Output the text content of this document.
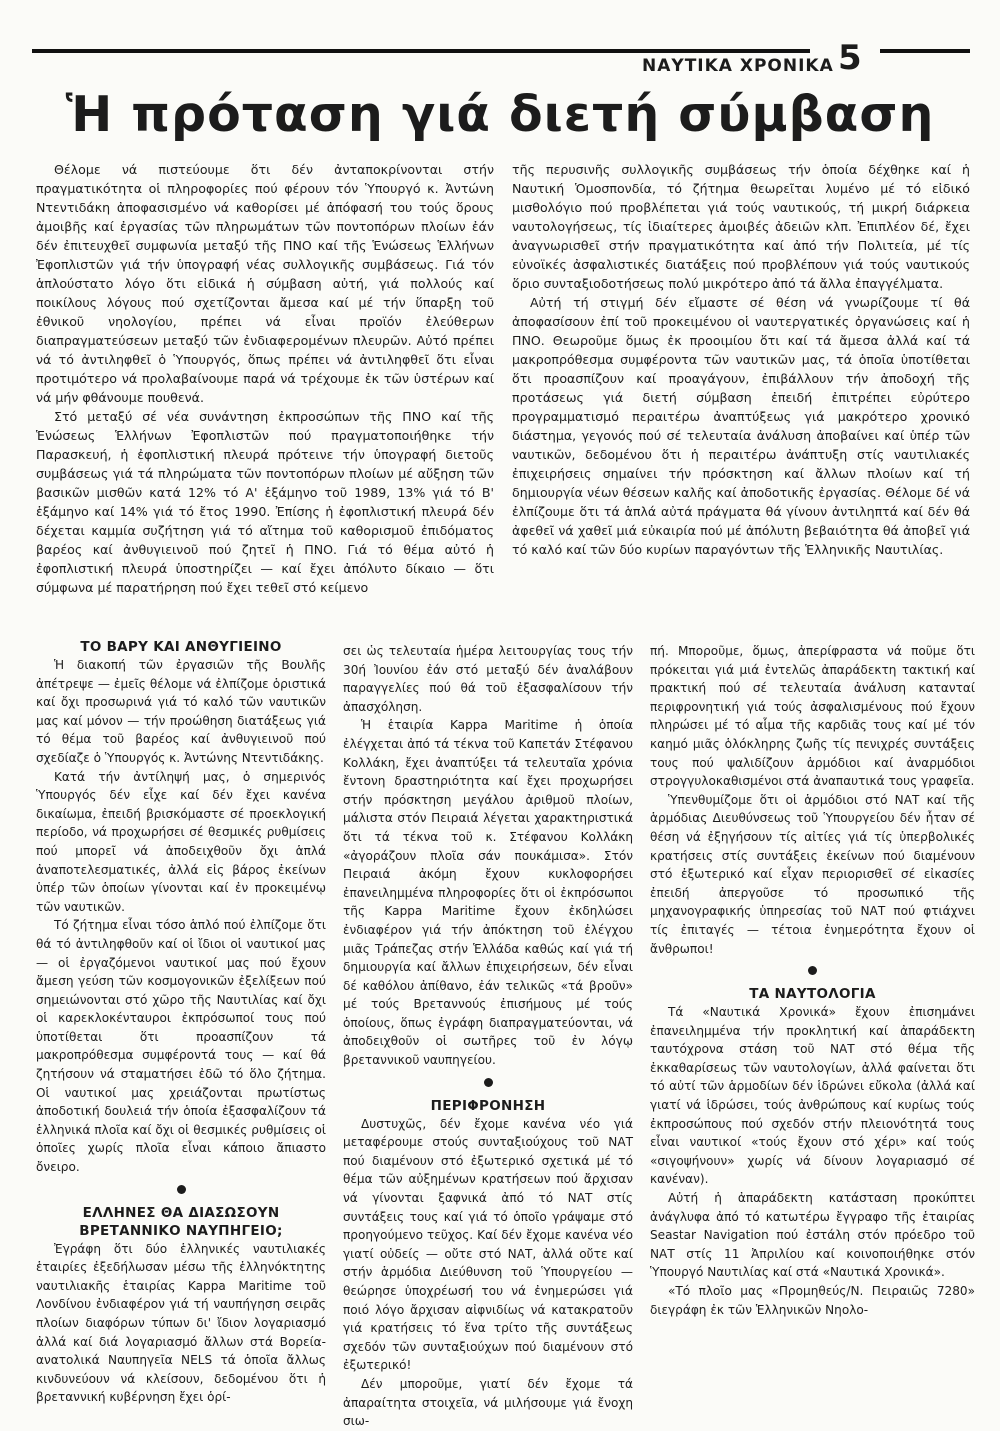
ΝΑΥΤΙΚΑ ΧΡΟΝΙΚΑ 5
Ἡ πρόταση γιά διετή σύμβαση

Θέλομε νά πιστεύουμε ὅτι δέν ἀνταποκρίνονται στήν πραγματικότητα οἱ πληροφορίες πού φέρουν τόν Ὑπουργό κ. Ἀντώνη Ντεντιδάκη ἀποφασισμένο νά καθορίσει μέ ἀπόφασή του τούς ὅρους ἀμοιβῆς καί ἐργασίας τῶν πληρωμάτων τῶν ποντοπόρων πλοίων ἐάν δέν ἐπιτευχθεῖ συμφωνία μεταξύ τῆς ΠΝΟ καί τῆς Ἑνώσεως Ἑλλήνων Ἐφοπλιστῶν γιά τήν ὑπογραφή νέας συλλογικῆς συμβάσεως. Γιά τόν ἁπλούστατο λόγο ὅτι εἰδικά ἡ σύμβαση αὐτή, γιά πολλούς καί ποικίλους λόγους πού σχετίζονται ἄμεσα καί μέ τήν ὕπαρξη τοῦ ἐθνικοῦ νηολογίου, πρέπει νά εἶναι προϊόν ἐλεύθερων διαπραγματεύσεων μεταξύ τῶν ἐνδιαφερομένων πλευρῶν. Αὐτό πρέπει νά τό ἀντιληφθεῖ ὁ Ὑπουργός, ὅπως πρέπει νά ἀντιληφθεῖ ὅτι εἶναι προτιμότερο νά προλαβαίνουμε παρά νά τρέχουμε ἐκ τῶν ὑστέρων καί νά μήν φθάνουμε πουθενά.

Στό μεταξύ σέ νέα συνάντηση ἐκπροσώπων τῆς ΠΝΟ καί τῆς Ἑνώσεως Ἑλλήνων Ἐφοπλιστῶν πού πραγματοποιήθηκε τήν Παρασκευή, ἡ ἐφοπλιστική πλευρά πρότεινε τήν ὑπογραφή διετοῦς συμβάσεως γιά τά πληρώματα τῶν ποντοπόρων πλοίων μέ αὔξηση τῶν βασικῶν μισθῶν κατά 12% τό Α' ἑξάμηνο τοῦ 1989, 13% γιά τό Β' ἑξάμηνο καί 14% γιά τό ἔτος 1990. Ἐπίσης ἡ ἐφοπλιστική πλευρά δέν δέχεται καμμία συζήτηση γιά τό αἴτημα τοῦ καθορισμοῦ ἐπιδόματος βαρέος καί ἀνθυγιεινοῦ πού ζητεῖ ἡ ΠΝΟ. Γιά τό θέμα αὐτό ἡ ἐφοπλιστική πλευρά ὑποστηρίζει — καί ἔχει ἀπόλυτο δίκαιο — ὅτι σύμφωνα μέ παρατήρηση πού ἔχει τεθεῖ στό κείμενο

τῆς περυσινῆς συλλογικῆς συμβάσεως τήν ὁποία δέχθηκε καί ἡ Ναυτική Ὁμοσπονδία, τό ζήτημα θεωρεῖται λυμένο μέ τό εἰδικό μισθολόγιο πού προβλέπεται γιά τούς ναυτικούς, τή μικρή διάρκεια ναυτολογήσεως, τίς ἰδιαίτερες ἀμοιβές ἀδειῶν κλπ. Ἐπιπλέον δέ, ἔχει ἀναγνωρισθεῖ στήν πραγματικότητα καί ἀπό τήν Πολιτεία, μέ τίς εὐνοϊκές ἀσφαλιστικές διατάξεις πού προβλέπουν γιά τούς ναυτικούς ὅριο συνταξιοδοτήσεως πολύ μικρότερο ἀπό τά ἄλλα ἐπαγγέλματα.

Αὐτή τή στιγμή δέν εἴμαστε σέ θέση νά γνωρίζουμε τί θά ἀποφασίσουν ἐπί τοῦ προκειμένου οἱ ναυτεργατικές ὀργανώσεις καί ἡ ΠΝΟ. Θεωροῦμε ὅμως ἐκ προοιμίου ὅτι καί τά ἄμεσα ἀλλά καί τά μακροπρόθεσμα συμφέροντα τῶν ναυτικῶν μας, τά ὁποῖα ὑποτίθεται ὅτι προασπίζουν καί προαγάγουν, ἐπιβάλλουν τήν ἀποδοχή τῆς προτάσεως γιά διετή σύμβαση ἐπειδή ἐπιτρέπει εὐρύτερο προγραμματισμό περαιτέρω ἀναπτύξεως γιά μακρότερο χρονικό διάστημα, γεγονός πού σέ τελευταία ἀνάλυση ἀποβαίνει καί ὑπέρ τῶν ναυτικῶν, δεδομένου ὅτι ἡ περαιτέρω ἀνάπτυξη στίς ναυτιλιακές ἐπιχειρήσεις σημαίνει τήν πρόσκτηση καί ἄλλων πλοίων καί τή δημιουργία νέων θέσεων καλῆς καί ἀποδοτικῆς ἐργασίας. Θέλομε δέ νά ἐλπίζουμε ὅτι τά ἁπλά αὐτά πράγματα θά γίνουν ἀντιληπτά καί δέν θά ἀφεθεῖ νά χαθεῖ μιά εὐκαιρία πού μέ ἀπόλυτη βεβαιότητα θά ἀποβεῖ γιά τό καλό καί τῶν δύο κυρίων παραγόντων τῆς Ἑλληνικῆς Ναυτιλίας.

ΤΟ ΒΑΡΥ ΚΑΙ ΑΝΘΥΓΙΕΙΝΟ

Ἡ διακοπή τῶν ἐργασιῶν τῆς Βουλῆς ἀπέτρεψε — ἐμεῖς θέλομε νά ἐλπίζομε ὁριστικά καί ὄχι προσωρινά γιά τό καλό τῶν ναυτικῶν μας καί μόνον — τήν προώθηση διατάξεως γιά τό θέμα τοῦ βαρέος καί ἀνθυγιεινοῦ πού σχεδίαζε ὁ Ὑπουργός κ. Ἀντώνης Ντεντιδάκης.

Κατά τήν ἀντίληψή μας, ὁ σημερινός Ὑπουργός δέν εἶχε καί δέν ἔχει κανένα δικαίωμα, ἐπειδή βρισκόμαστε σέ προεκλογική περίοδο, νά προχωρήσει σέ θεσμικές ρυθμίσεις πού μπορεῖ νά ἀποδειχθοῦν ὄχι ἁπλά ἀναποτελεσματικές, ἀλλά εἰς βάρος ἐκείνων ὑπέρ τῶν ὁποίων γίνονται καί ἐν προκειμένῳ τῶν ναυτικῶν.

Τό ζήτημα εἶναι τόσο ἁπλό πού ἐλπίζομε ὅτι θά τό ἀντιληφθοῦν καί οἱ ἴδιοι οἱ ναυτικοί μας — οἱ ἐργαζόμενοι ναυτικοί μας πού ἔχουν ἄμεση γεύση τῶν κοσμογονικῶν ἐξελίξεων πού σημειώνονται στό χῶρο τῆς Ναυτιλίας καί ὄχι οἱ καρεκλοκένταυροι ἐκπρόσωποί τους πού ὑποτίθεται ὅτι προασπίζουν τά μακροπρόθεσμα συμφέροντά τους — καί θά ζητήσουν νά σταματήσει ἐδῶ τό ὅλο ζήτημα. Οἱ ναυτικοί μας χρειάζονται πρωτίστως ἀποδοτική δουλειά τήν ὁποία ἐξασφαλίζουν τά ἑλληνικά πλοῖα καί ὄχι οἱ θεσμικές ρυθμίσεις οἱ ὁποῖες χωρίς πλοῖα εἶναι κάποιο ἄπιαστο ὄνειρο.

ΕΛΛΗΝΕΣ ΘΑ ΔΙΑΣΩΣΟΥΝ ΒΡΕΤΑΝΝΙΚΟ ΝΑΥΠΗΓΕΙΟ;

Ἐγράφη ὅτι δύο ἑλληνικές ναυτιλιακές ἑταιρίες ἐξεδήλωσαν μέσω τῆς ἑλληνόκτητης ναυτιλιακῆς ἑταιρίας Kappa Maritime τοῦ Λονδίνου ἐνδιαφέρον γιά τή ναυπήγηση σειρᾶς πλοίων διαφόρων τύπων δι' ἴδιον λογαριασμό ἀλλά καί διά λογαριασμό ἄλλων στά Βορεία-ανατολικά Ναυπηγεῖα NELS τά ὁποῖα ἄλλως κινδυνεύουν νά κλείσουν, δεδομένου ὅτι ἡ βρεταννική κυβέρνηση ἔχει ὁρί-

σει ὡς τελευταία ἡμέρα λειτουργίας τους τήν 30ή Ἰουνίου ἐάν στό μεταξύ δέν ἀναλάβουν παραγγελίες πού θά τοῦ ἐξασφαλίσουν τήν ἀπασχόληση.

Ἡ ἑταιρία Kappa Maritime ἡ ὁποία ἐλέγχεται ἀπό τά τέκνα τοῦ Καπετάν Στέφανου Κολλάκη, ἔχει ἀναπτύξει τά τελευταῖα χρόνια ἔντονη δραστηριότητα καί ἔχει προχωρήσει στήν πρόσκτηση μεγάλου ἀριθμοῦ πλοίων, μάλιστα στόν Πειραιά λέγεται χαρακτηριστικά ὅτι τά τέκνα τοῦ κ. Στέφανου Κολλάκη «ἀγοράζουν πλοῖα σάν πουκάμισα». Στόν Πειραιά ἀκόμη ἔχουν κυκλοφορήσει ἐπανειλημμένα πληροφορίες ὅτι οἱ ἐκπρόσωποι τῆς Kappa Maritime ἔχουν ἐκδηλώσει ἐνδιαφέρον γιά τήν ἀπόκτηση τοῦ ἐλέγχου μιᾶς Τράπεζας στήν Ἑλλάδα καθώς καί γιά τή δημιουργία καί ἄλλων ἐπιχειρήσεων, δέν εἶναι δέ καθόλου ἀπίθανο, ἐάν τελικῶς «τά βροῦν» μέ τούς Βρεταννούς ἐπισήμους μέ τούς ὁποίους, ὅπως ἐγράφη διαπραγματεύονται, νά ἀποδειχθοῦν οἱ σωτῆρες τοῦ ἐν λόγῳ βρεταννικοῦ ναυπηγείου.

ΠΕΡΙΦΡΟΝΗΣΗ

Δυστυχῶς, δέν ἔχομε κανένα νέο γιά μεταφέρουμε στούς συνταξιούχους τοῦ ΝΑΤ πού διαμένουν στό ἐξωτερικό σχετικά μέ τό θέμα τῶν αὐξημένων κρατήσεων πού ἄρχισαν νά γίνονται ξαφνικά ἀπό τό ΝΑΤ στίς συντάξεις τους καί γιά τό ὁποῖο γράψαμε στό προηγούμενο τεῦχος. Καί δέν ἔχομε κανένα νέο γιατί οὐδείς — οὔτε στό ΝΑΤ, ἀλλά οὔτε καί στήν ἁρμόδια Διεύθυνση τοῦ Ὑπουργείου — θεώρησε ὑποχρέωσή του νά ἐνημερώσει γιά ποιό λόγο ἄρχισαν αἰφνιδίως νά κατακρατοῦν γιά κρατήσεις τό ἕνα τρίτο τῆς συντάξεως σχεδόν τῶν συνταξιούχων πού διαμένουν στό ἐξωτερικό!

Δέν μποροῦμε, γιατί δέν ἔχομε τά ἀπαραίτητα στοιχεῖα, νά μιλήσουμε γιά ἔνοχη σιω-

πή. Μποροῦμε, ὅμως, ἀπερίφραστα νά ποῦμε ὅτι πρόκειται γιά μιά ἐντελῶς ἀπαράδεκτη τακτική καί πρακτική πού σέ τελευταία ἀνάλυση κατανταί περιφρονητική γιά τούς ἀσφαλισμένους πού ἔχουν πληρώσει μέ τό αἷμα τῆς καρδιᾶς τους καί μέ τόν καημό μιᾶς ὁλόκληρης ζωῆς τίς πενιχρές συντάξεις τους πού ψαλιδίζουν ἁρμόδιοι καί ἀναρμόδιοι στρογγυλοκαθισμένοι στά ἀναπαυτικά τους γραφεῖα.

Ὑπενθυμίζομε ὅτι οἱ ἁρμόδιοι στό ΝΑΤ καί τῆς ἁρμόδιας Διευθύνσεως τοῦ Ὑπουργείου δέν ἦταν σέ θέση νά ἐξηγήσουν τίς αἰτίες γιά τίς ὑπερβολικές κρατήσεις στίς συντάξεις ἐκείνων πού διαμένουν στό ἐξωτερικό καί εἶχαν περιορισθεῖ σέ εἰκασίες ἐπειδή ἀπεργοῦσε τό προσωπικό τῆς μηχανογραφικής ὑπηρεσίας τοῦ ΝΑΤ πού φτιάχνει τίς ἐπιταγές — τέτοια ἐνημερότητα ἔχουν οἱ ἄνθρωποι!

ΤΑ ΝΑΥΤΟΛΟΓΙΑ

Τά «Ναυτικά Χρονικά» ἔχουν ἐπισημάνει ἐπανειλημμένα τήν προκλητική καί ἀπαράδεκτη ταυτόχρονα στάση τοῦ ΝΑΤ στό θέμα τῆς ἐκκαθαρίσεως τῶν ναυτολογίων, ἀλλά φαίνεται ὅτι τό αὐτί τῶν ἁρμοδίων δέν ἱδρώνει εὔκολα (ἀλλά καί γιατί νά ἱδρώσει, τούς ἀνθρώπους καί κυρίως τούς ἐκπροσώπους πού σχεδόν στήν πλειονότητά τους εἶναι ναυτικοί «τούς ἔχουν στό χέρι» καί τούς «σιγοψήνουν» χωρίς νά δίνουν λογαριασμό σέ κανέναν).

Αὐτή ἡ ἀπαράδεκτη κατάσταση προκύπτει ἀνάγλυφα ἀπό τό κατωτέρω ἔγγραφο τῆς ἑταιρίας Seastar Navigation πού ἐστάλη στόν πρόεδρο τοῦ ΝΑΤ στίς 11 Ἀπριλίου καί κοινοποιήθηκε στόν Ὑπουργό Ναυτιλίας καί στά «Ναυτικά Χρονικά».

«Τό πλοῖο μας «Προμηθεύς/Ν. Πειραιῶς 7280» διεγράφη ἐκ τῶν Ἑλληνικῶν Νηολο-
